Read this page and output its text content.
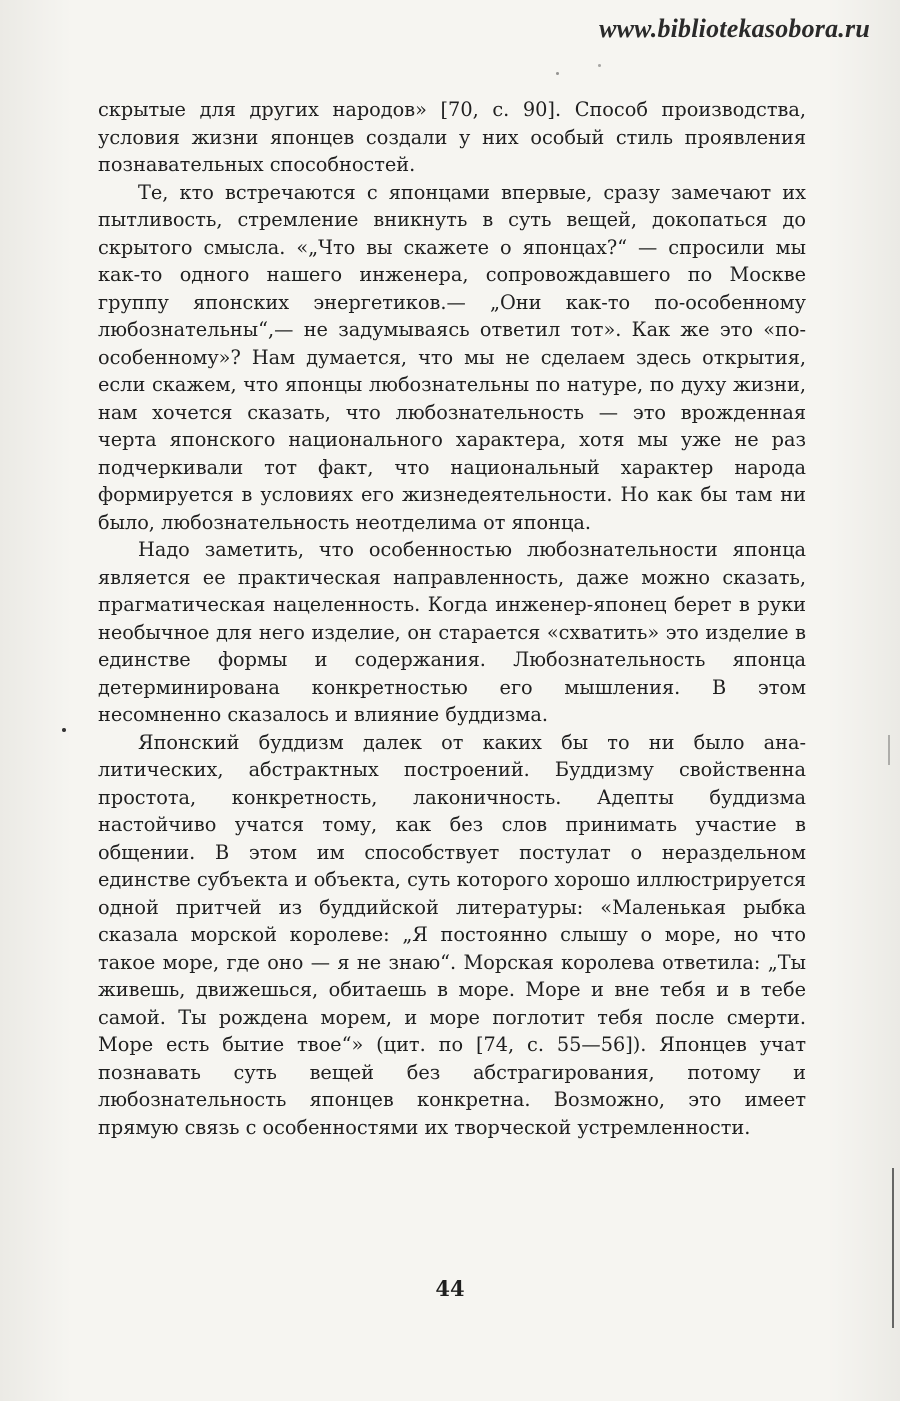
www.bibliotekasobora.ru

скрытые для других народов» [70, с. 90]. Способ производства, условия жизни японцев создали у них особый стиль проявления познавательных способностей.

Те, кто встречаются с японцами впервые, сразу замечают их пытливость, стремление вникнуть в суть вещей, докопаться до скрытого смысла. «„Что вы скажете о японцах?“ — спросили мы как-то одного нашего инженера, сопровождавшего по Москве группу японских энергетиков.— „Они как-то по-особенному любознательны“,— не задумываясь ответил тот». Как же это «по-особенному»? Нам думается, что мы не сделаем здесь открытия, если скажем, что японцы любознательны по натуре, по духу жизни, нам хочется сказать, что любознательность — это врожденная черта японского национального характера, хотя мы уже не раз подчеркивали тот факт, что национальный характер народа формируется в условиях его жизнедеятельности. Но как бы там ни было, любознательность неотделима от японца.

Надо заметить, что особенностью любознательности японца является ее практическая направленность, даже можно сказать, прагматическая нацеленность. Когда инженер-японец берет в руки необычное для него изделие, он старается «схватить» это изделие в единстве формы и содержания. Любознательность японца детерминирована конкретностью его мышления. В этом несомненно сказалось и влияние буддизма.

Японский буддизм далек от каких бы то ни было аналитических, абстрактных построений. Буддизму свойственна простота, конкретность, лаконичность. Адепты буддизма настойчиво учатся тому, как без слов принимать участие в общении. В этом им способствует постулат о нераздельном единстве субъекта и объекта, суть которого хорошо иллюстрируется одной притчей из буддийской литературы: «Маленькая рыбка сказала морской королеве: „Я постоянно слышу о море, но что такое море, где оно — я не знаю“. Морская королева ответила: „Ты живешь, движешься, обитаешь в море. Море и вне тебя и в тебе самой. Ты рождена морем, и море поглотит тебя после смерти. Море есть бытие твое“» (цит. по [74, с. 55—56]). Японцев учат познавать суть вещей без абстрагирования, потому и любознательность японцев конкретна. Возможно, это имеет прямую связь с особенностями их творческой устремленности.

44
